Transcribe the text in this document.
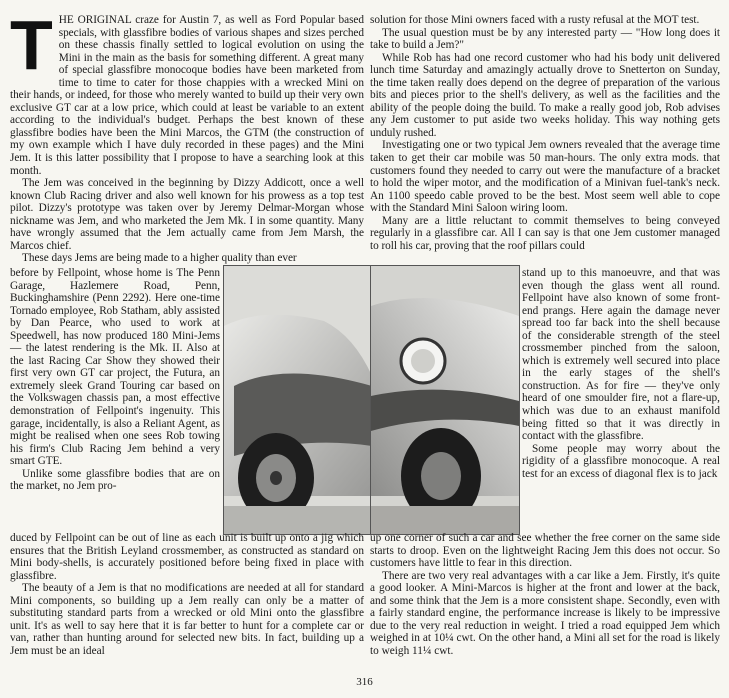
T HE ORIGINAL craze for Austin 7, as well as Ford Popular based specials, with glassfibre bodies of various shapes and sizes perched on these chassis finally settled to logical evolution on using the Mini in the main as the basis for something different. A great many of special glassfibre monocoque bodies have been marketed from time to time to cater for those chappies with a wrecked Mini on their hands, or indeed, for those who merely wanted to build up their very own exclusive GT car at a low price, which could at least be variable to an extent according to the individual's budget. Perhaps the best known of these glassfibre bodies have been the Mini Marcos, the GTM (the construction of my own example which I have duly recorded in these pages) and the Mini Jem. It is this latter possibility that I propose to have a searching look at this month.

The Jem was conceived in the beginning by Dizzy Addicott, once a well known Club Racing driver and also well known for his prowess as a top test pilot. Dizzy's prototype was taken over by Jeremy Delmar-Morgan whose nickname was Jem, and who marketed the Jem Mk. I in some quantity. Many have wrongly assumed that the Jem actually came from Jem Marsh, the Marcos chief.

These days Jems are being made to a higher quality than ever

before by Fellpoint, whose home is The Penn Garage, Hazlemere Road, Penn, Buckinghamshire (Penn 2292). Here one-time Tornado employee, Rob Statham, ably assisted by Dan Pearce, who used to work at Speedwell, has now produced 180 Mini-Jems — the latest rendering is the Mk. II. Also at the last Racing Car Show they showed their first very own GT car project, the Futura, an extremely sleek Grand Touring car based on the Volkswagen chassis pan, a most effective demonstration of Fellpoint's ingenuity. This garage, incidentally, is also a Reliant Agent, as might be realised when one sees Rob towing his firm's Club Racing Jem behind a very smart GTE.

Unlike some glassfibre bodies that are on the market, no Jem pro-

solution for those Mini owners faced with a rusty refusal at the MOT test.

The usual question must be by any interested party — "How long does it take to build a Jem?"

While Rob has had one record customer who had his body unit delivered lunch time Saturday and amazingly actually drove to Snetterton on Sunday, the time taken really does depend on the degree of preparation of the various bits and pieces prior to the shell's delivery, as well as the facilities and the ability of the people doing the build. To make a really good job, Rob advises any Jem customer to put aside two weeks holiday. This way nothing gets unduly rushed.

Investigating one or two typical Jem owners revealed that the average time taken to get their car mobile was 50 man-hours. The only extra mods. that customers found they needed to carry out were the manufacture of a bracket to hold the wiper motor, and the modification of a Minivan fuel-tank's neck. An 1100 speedo cable proved to be the best. Most seem well able to cope with the Standard Mini Saloon wiring loom.

Many are a little reluctant to commit themselves to being conveyed regularly in a glassfibre car. All I can say is that one Jem customer managed to roll his car, proving that the roof pillars could

stand up to this manoeuvre, and that was even though the glass went all round. Fellpoint have also known of some front-end prangs. Here again the damage never spread too far back into the shell because of the considerable strength of the steel crossmember pinched from the saloon, which is extremely well secured into place in the early stages of the shell's construction. As for fire — they've only heard of one smoulder fire, not a flare-up, which was due to an exhaust manifold being fitted so that it was directly in contact with the glassfibre.

Some people may worry about the rigidity of a glassfibre monocoque. A real test for an excess of diagonal flex is to jack

duced by Fellpoint can be out of line as each unit is built up onto a jig which ensures that the British Leyland crossmember, as constructed as standard on Mini body-shells, is accurately positioned before being fixed in place with glassfibre.

The beauty of a Jem is that no modifications are needed at all for standard Mini components, so building up a Jem really can only be a matter of substituting standard parts from a wrecked or old Mini onto the glassfibre unit. It's as well to say here that it is far better to hunt for a complete car or van, rather than hunting around for selected new bits. In fact, building up a Jem must be an ideal

up one corner of such a car and see whether the free corner on the same side starts to droop. Even on the lightweight Racing Jem this does not occur. So customers have little to fear in this direction.

There are two very real advantages with a car like a Jem. Firstly, it's quite a good looker. A Mini-Marcos is higher at the front and lower at the back, and some think that the Jem is a more consistent shape. Secondly, even with a fairly standard engine, the performance increase is likely to be impressive due to the very real reduction in weight. I tried a road equipped Jem which weighed in at 10¼ cwt. On the other hand, a Mini all set for the road is likely to weigh 11¼ cwt.

316
